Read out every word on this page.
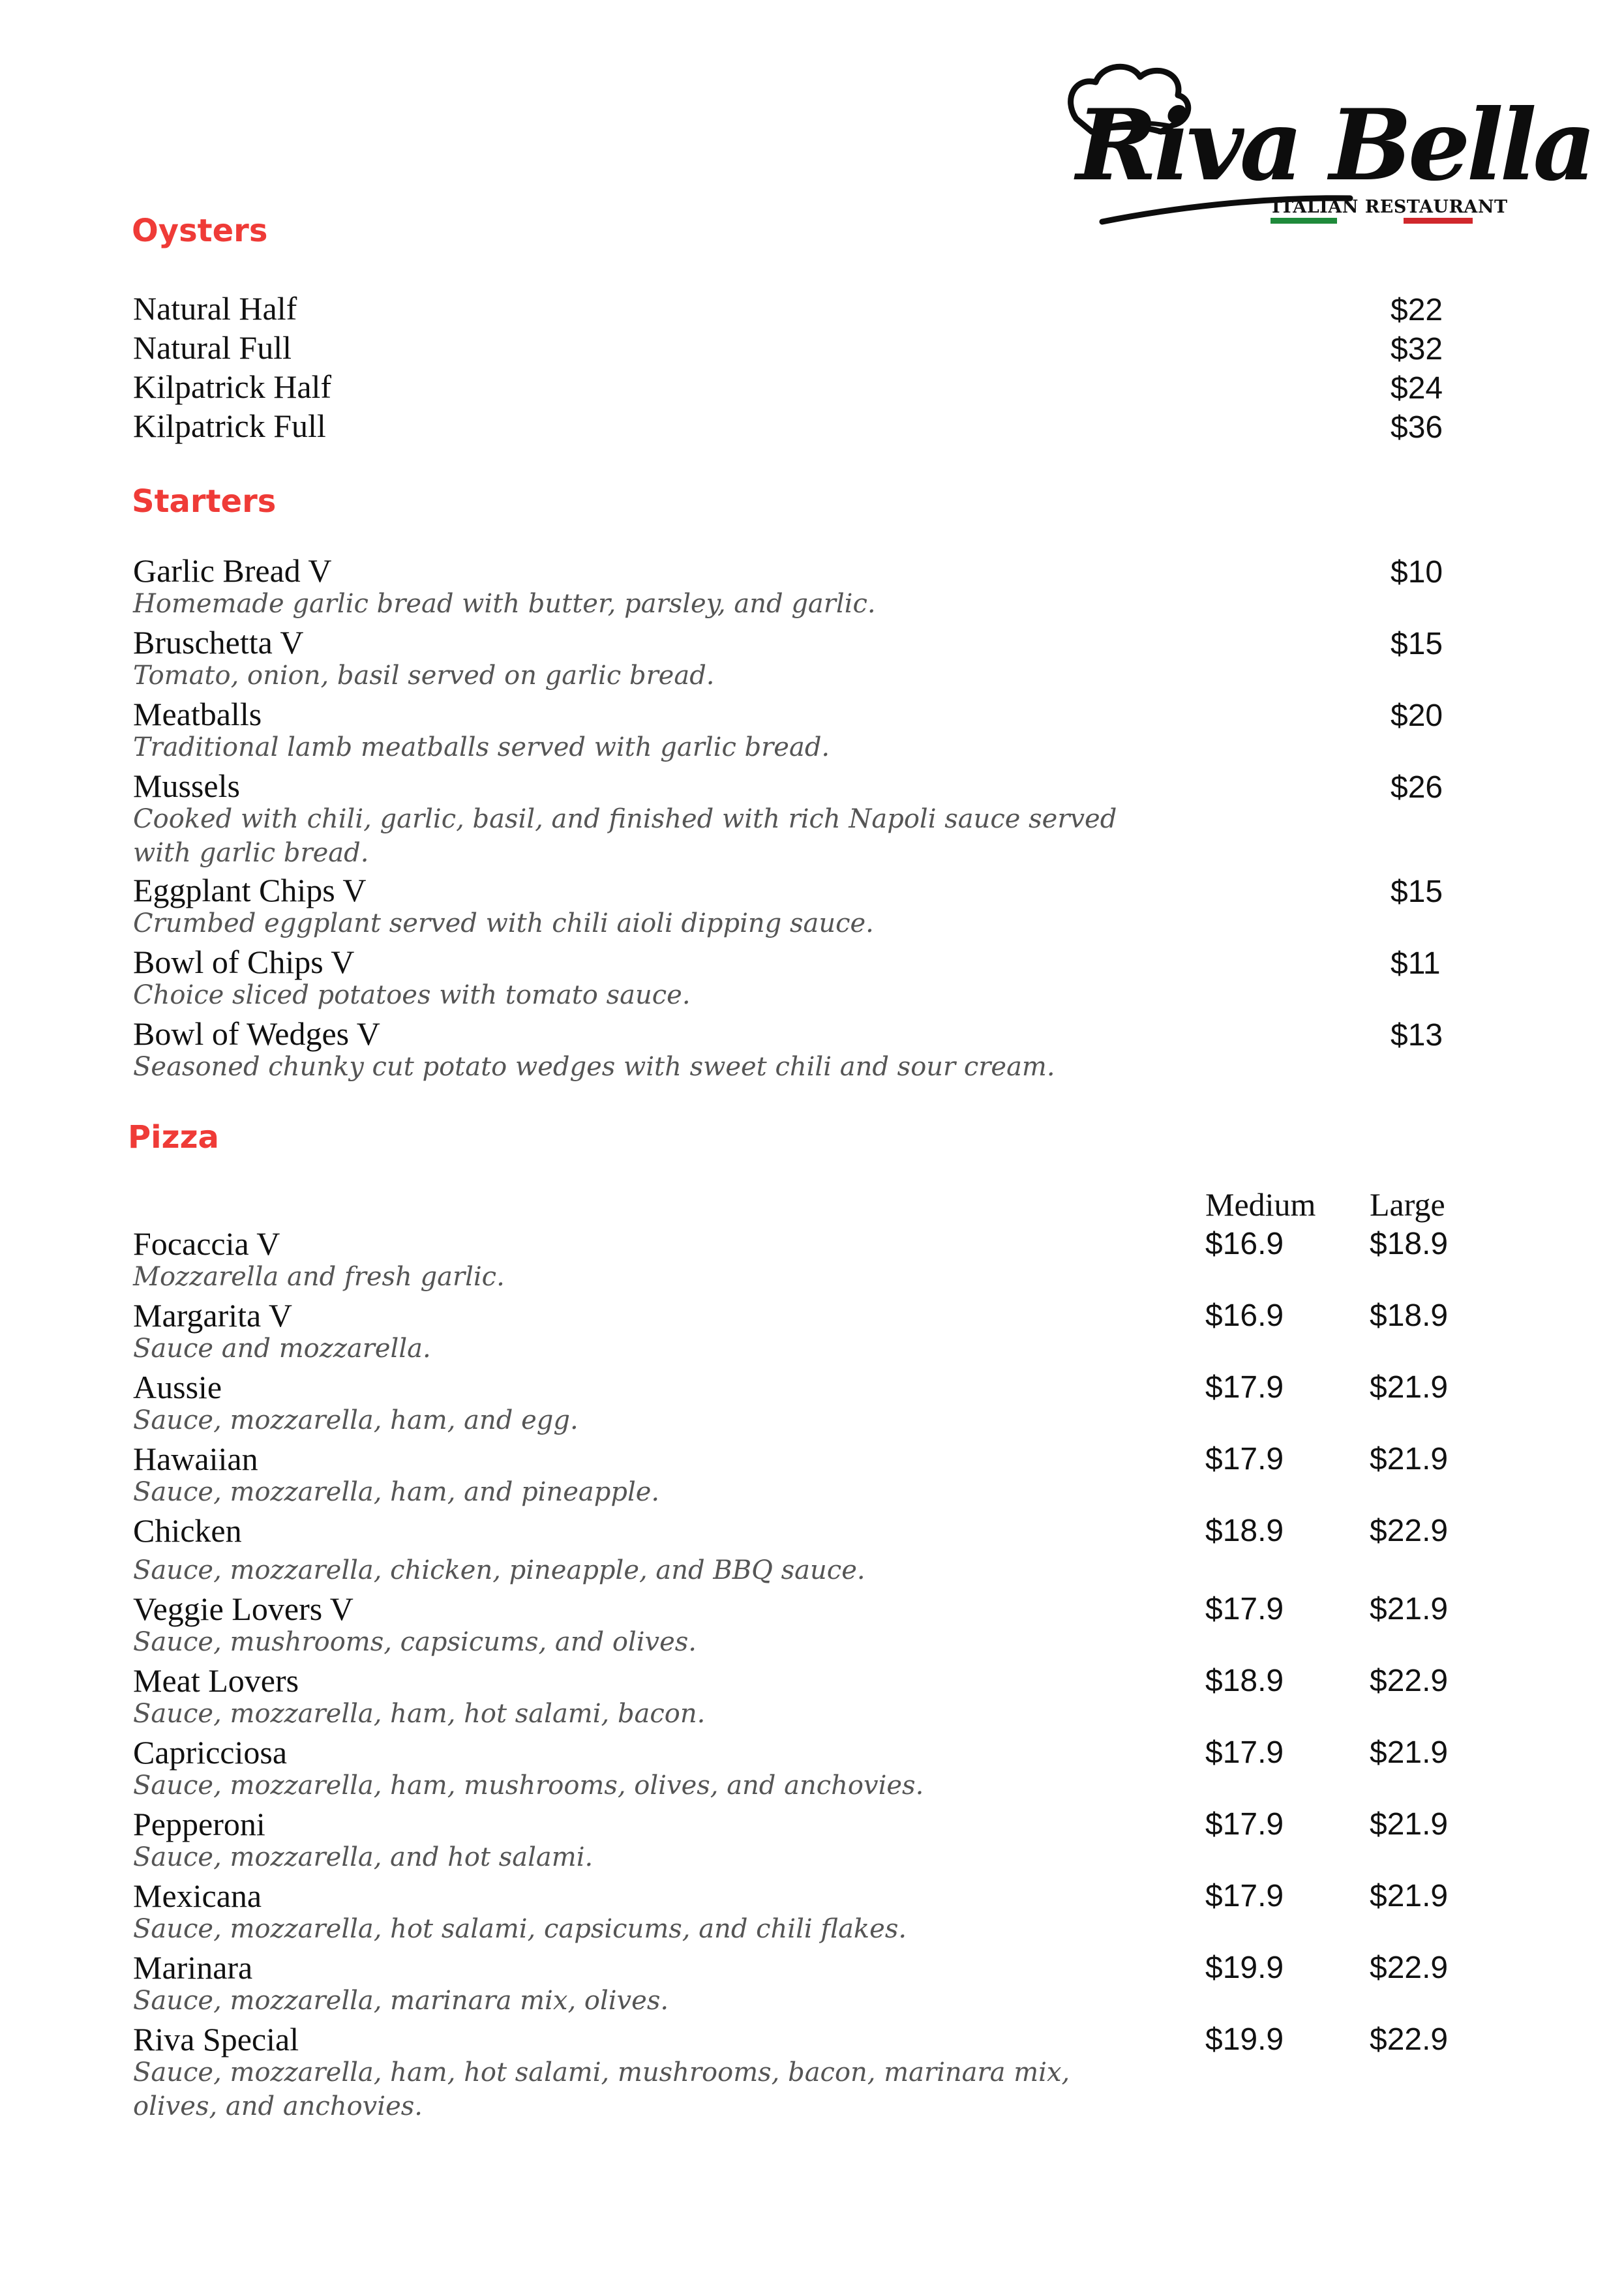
Riva Bella
ITALIAN RESTAURANT
Oysters
Natural Half	$22
Natural Full	$32
Kilpatrick Half	$24
Kilpatrick Full	$36
Starters
Garlic Bread V	$10
Homemade garlic bread with butter, parsley, and garlic.
Bruschetta V	$15
Tomato, onion, basil served on garlic bread.
Meatballs	$20
Traditional lamb meatballs served with garlic bread.
Mussels	$26
Cooked with chili, garlic, basil, and finished with rich Napoli sauce served with garlic bread.
Eggplant Chips V	$15
Crumbed eggplant served with chili aioli dipping sauce.
Bowl of Chips V	$11
Choice sliced potatoes with tomato sauce.
Bowl of Wedges V	$13
Seasoned chunky cut potato wedges with sweet chili and sour cream.
Pizza
Medium Large
Focaccia V	$16.9	$18.9
Mozzarella and fresh garlic.
Margarita V	$16.9	$18.9
Sauce and mozzarella.
Aussie	$17.9	$21.9
Sauce, mozzarella, ham, and egg.
Hawaiian	$17.9	$21.9
Sauce, mozzarella, ham, and pineapple.
Chicken	$18.9	$22.9
Sauce, mozzarella, chicken, pineapple, and BBQ sauce.
Veggie Lovers V	$17.9	$21.9
Sauce, mushrooms, capsicums, and olives.
Meat Lovers	$18.9	$22.9
Sauce, mozzarella, ham, hot salami, bacon.
Capricciosa	$17.9	$21.9
Sauce, mozzarella, ham, mushrooms, olives, and anchovies.
Pepperoni	$17.9	$21.9
Sauce, mozzarella, and hot salami.
Mexicana	$17.9	$21.9
Sauce, mozzarella, hot salami, capsicums, and chili flakes.
Marinara	$19.9	$22.9
Sauce, mozzarella, marinara mix, olives.
Riva Special	$19.9	$22.9
Sauce, mozzarella, ham, hot salami, mushrooms, bacon, marinara mix, olives, and anchovies.
